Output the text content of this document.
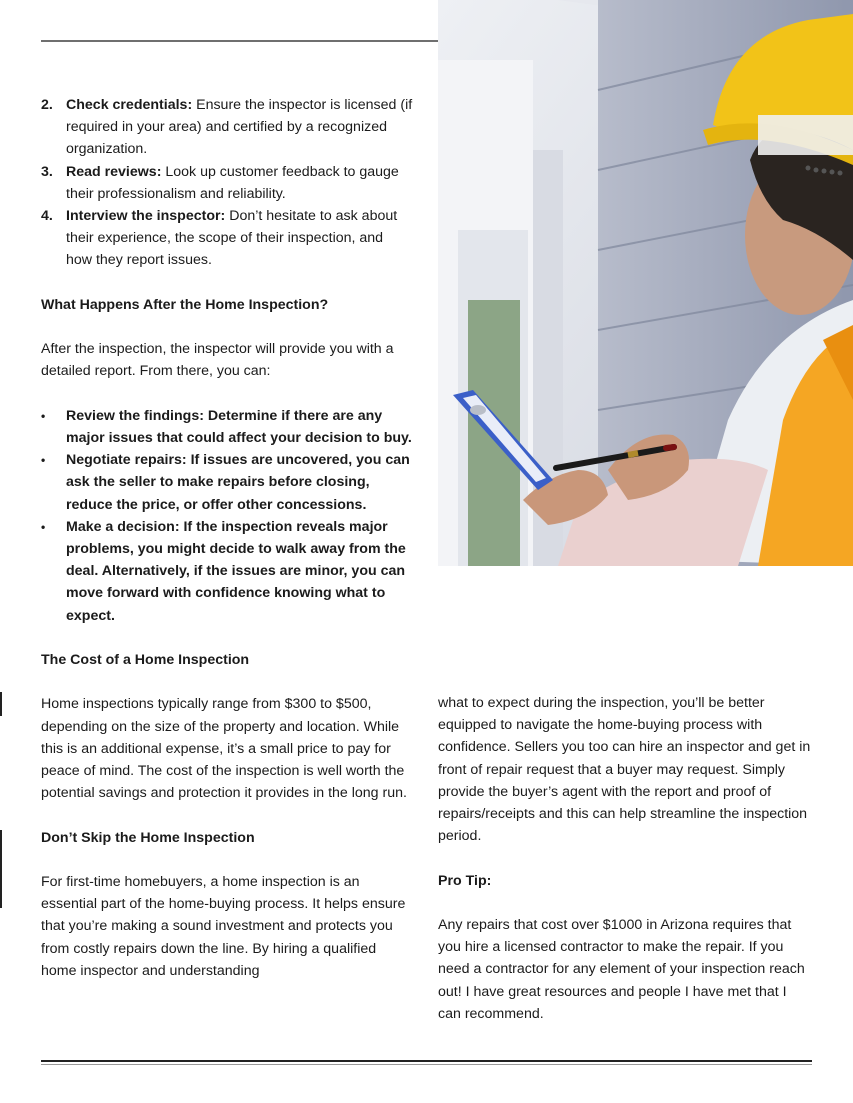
2. Check credentials: Ensure the inspector is licensed (if required in your area) and certified by a recognized organization.
3. Read reviews: Look up customer feedback to gauge their professionalism and reliability.
4. Interview the inspector: Don’t hesitate to ask about their experience, the scope of their inspection, and how they report issues.
What Happens After the Home Inspection?

After the inspection, the inspector will provide you with a detailed report. From there, you can:

• Review the findings: Determine if there are any major issues that could affect your decision to buy.
• Negotiate repairs: If issues are uncovered, you can ask the seller to make repairs before closing, reduce the price, or offer other concessions.
• Make a decision: If the inspection reveals major problems, you might decide to walk away from the deal. Alternatively, if the issues are minor, you can move forward with confidence knowing what to expect.
The Cost of a Home Inspection

Home inspections typically range from $300 to $500, depending on the size of the property and location. While this is an additional expense, it’s a small price to pay for peace of mind. The cost of the inspection is well worth the potential savings and protection it provides in the long run.

Don’t Skip the Home Inspection

For first-time homebuyers, a home inspection is an essential part of the home-buying process. It helps ensure that you’re making a sound investment and protects you from costly repairs down the line. By hiring a qualified home inspector and understanding

what to expect during the inspection, you’ll be better equipped to navigate the home-buying process with confidence. Sellers you too can hire an inspector and get in front of repair request that a buyer may request. Simply provide the buyer’s agent with the report and proof of repairs/receipts and this can help streamline the inspection period.

Pro Tip:

Any repairs that cost over $1000 in Arizona requires that you hire a licensed contractor to make the repair. If you need a contractor for any element of your inspection reach out! I have great resources and people I have met that I can recommend.
